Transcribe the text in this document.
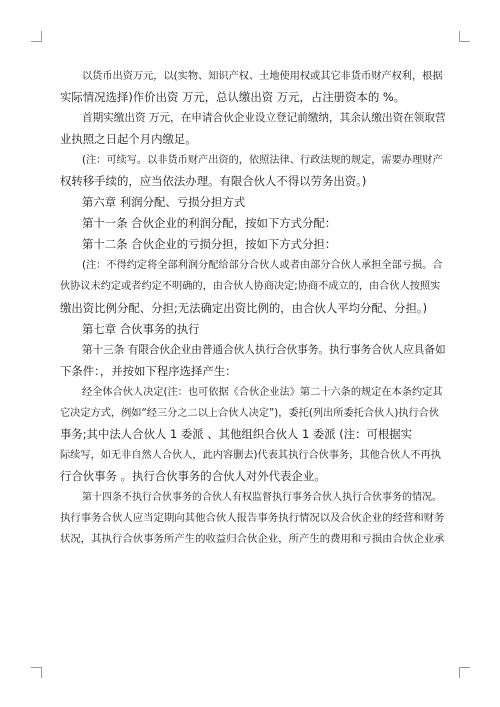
以货币出资万元，以(实物、知识产权、土地使用权或其它非货币财产权利，根据
实际情况选择)作价出资 万元，总认缴出资 万元，占注册资本的 %。
首期实缴出资 万元，在申请合伙企业设立登记前缴纳，其余认缴出资在领取营
业执照之日起个月内缴足。
(注：可续写。以非货币财产出资的，依照法律、行政法规的规定，需要办理财产
权转移手续的，应当依法办理。有限合伙人不得以劳务出资。)
第六章 利润分配、亏损分担方式
第十一条 合伙企业的利润分配，按如下方式分配：
第十二条 合伙企业的亏损分担，按如下方式分担：
(注：不得约定将全部利润分配给部分合伙人或者由部分合伙人承担全部亏损。合
伙协议未约定或者约定不明确的，由合伙人协商决定;协商不成立的，由合伙人按照实
缴出资比例分配、分担;无法确定出资比例的，由合伙人平均分配、分担。)
第七章 合伙事务的执行
第十三条 有限合伙企业由普通合伙人执行合伙事务。执行事务合伙人应具备如
下条件：，并按如下程序选择产生：
经全体合伙人决定(注：也可依据《合伙企业法》第二十六条的规定在本条约定其
它决定方式，例如“经三分之二以上合伙人决定”)，委托(列出所委托合伙人)执行合伙
事务;其中法人合伙人 1 委派 、其他组织合伙人 1 委派 (注：可根据实
际续写，如无非自然人合伙人，此内容删去)代表其执行合伙事务，其他合伙人不再执
行合伙事务 。执行合伙事务的合伙人对外代表企业。
第十四条不执行合伙事务的合伙人有权监督执行事务合伙人执行合伙事务的情况。
执行事务合伙人应当定期向其他合伙人报告事务执行情况以及合伙企业的经营和财务
状况，其执行合伙事务所产生的收益归合伙企业，所产生的费用和亏损由合伙企业承
